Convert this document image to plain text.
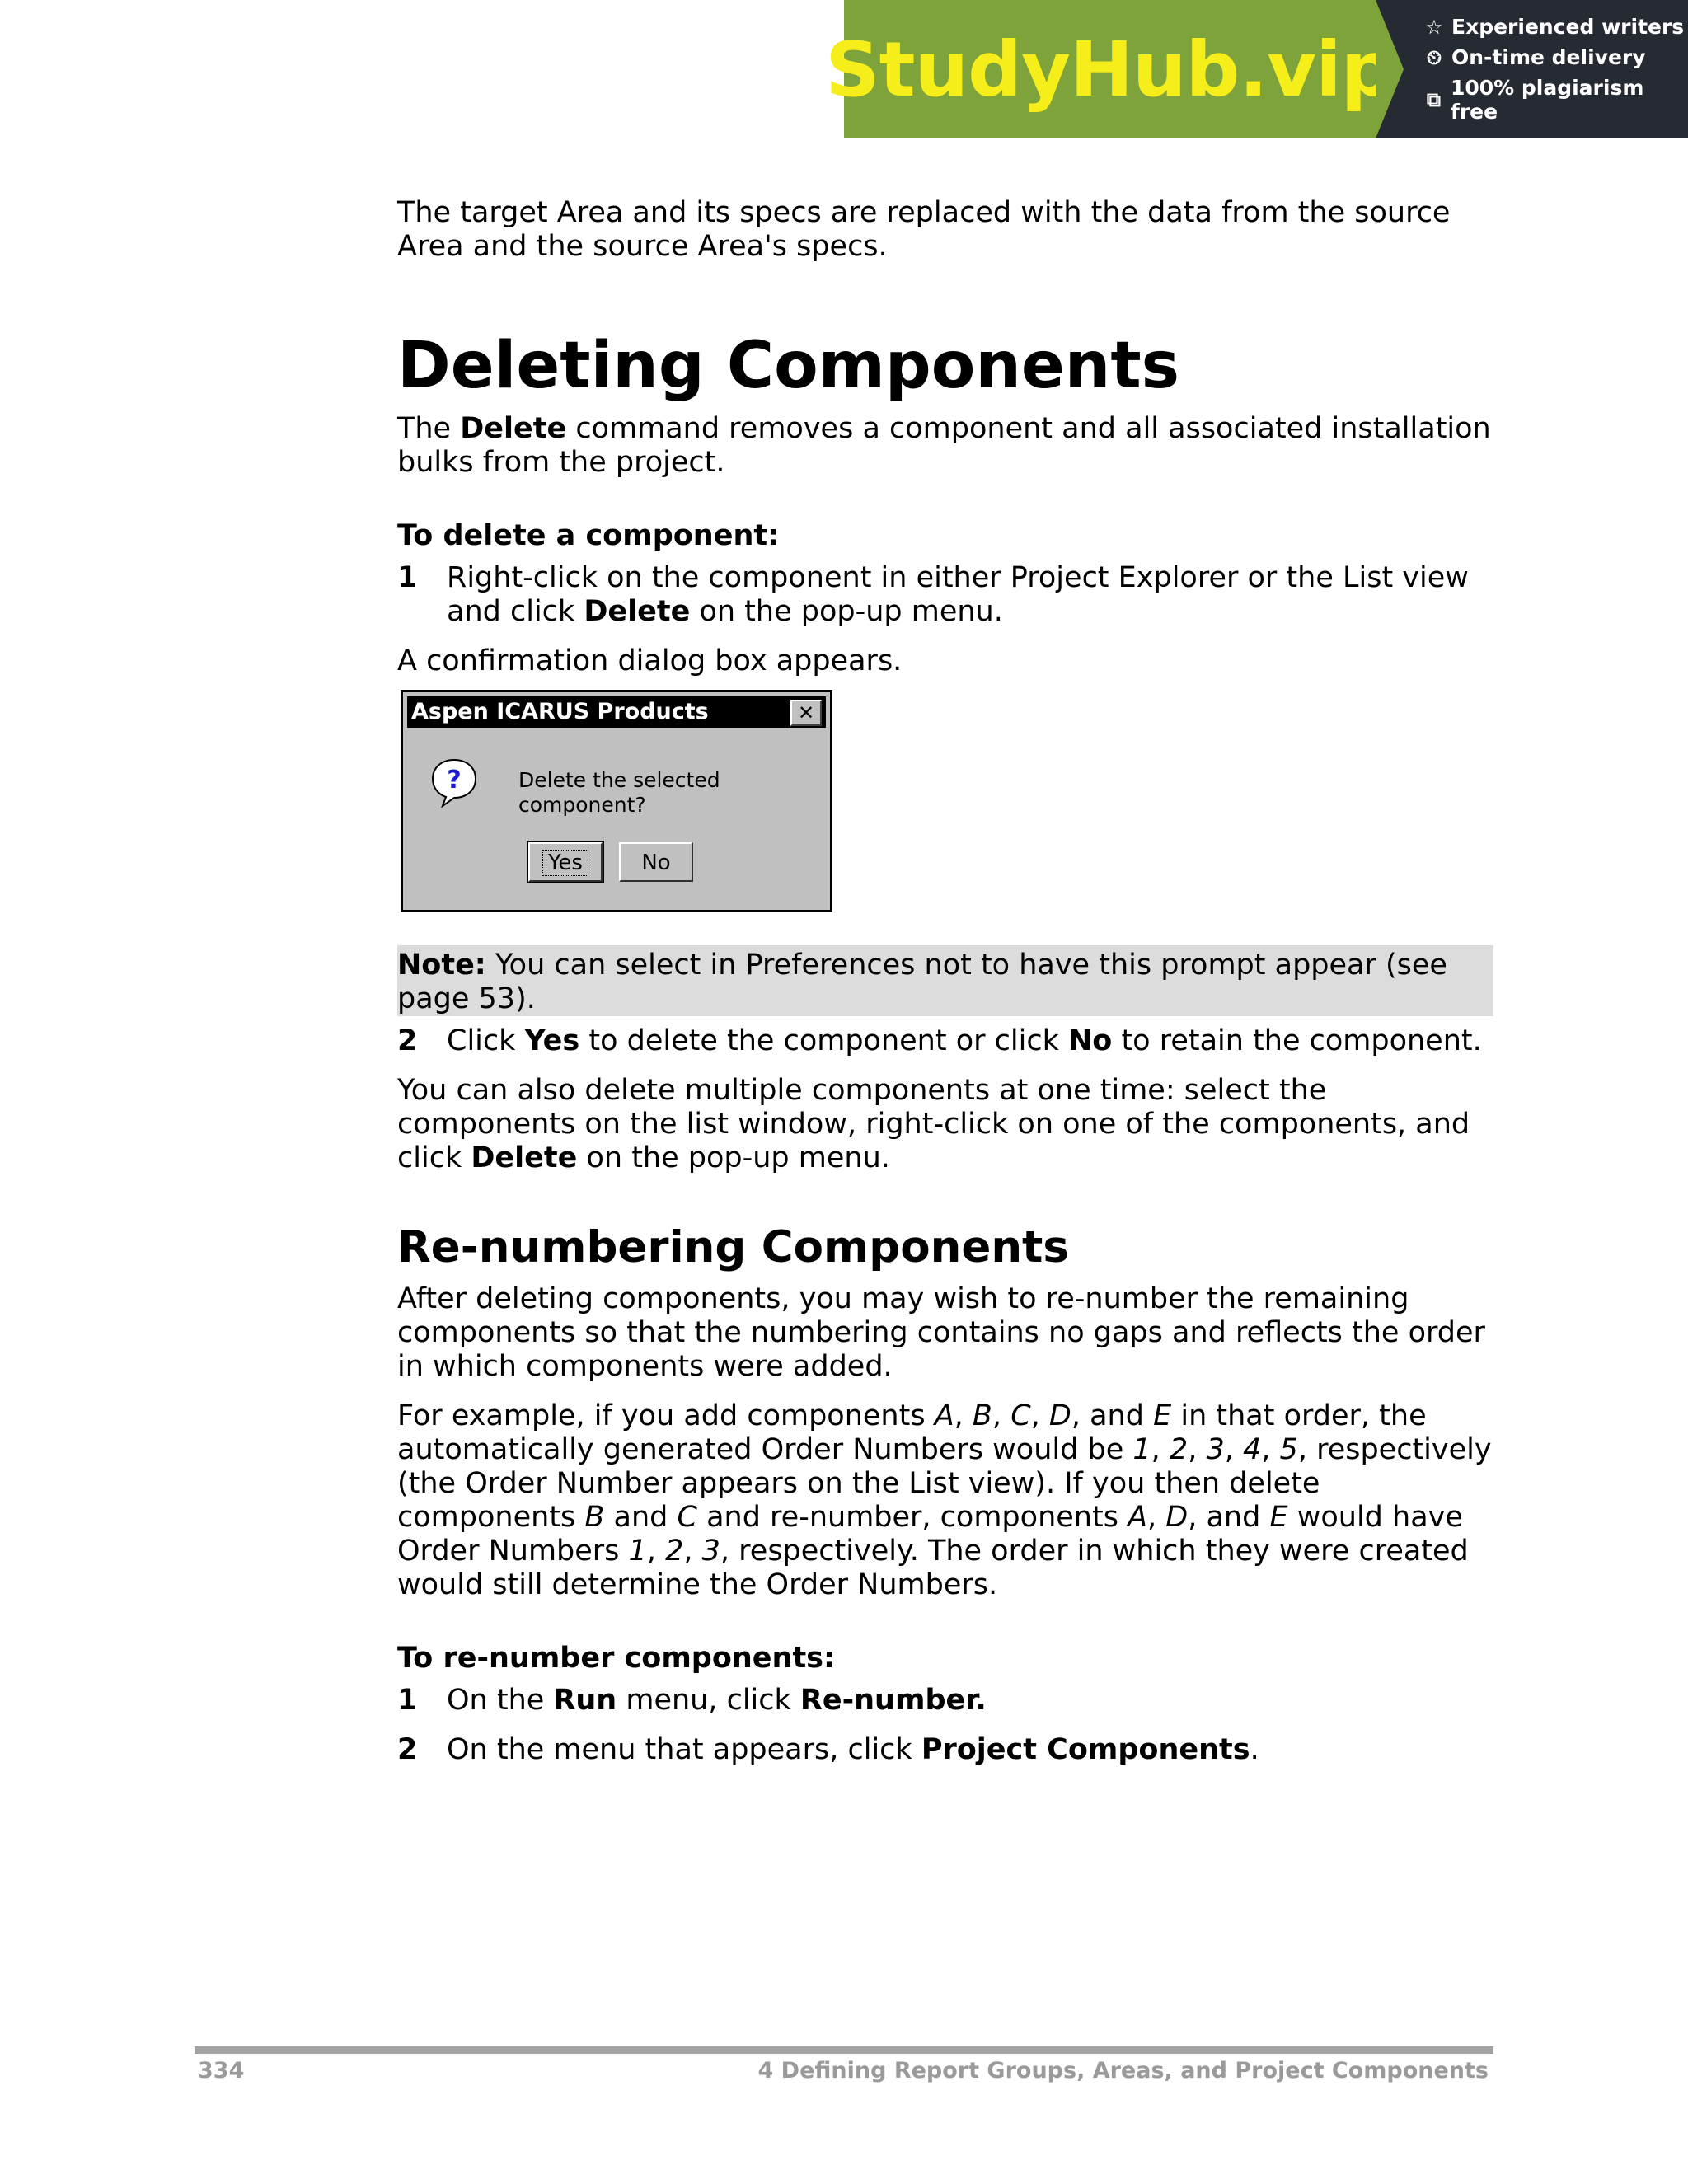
StudyHub.vip ☆ Experienced writers
⏲ On-time delivery
⧉ 100% plagiarism free

The target Area and its specs are replaced with the data from the source Area and the source Area's specs.

Deleting Components

The Delete command removes a component and all associated installation bulks from the project.

To delete a component:

1	Right-click on the component in either Project Explorer or the List view and click Delete on the pop-up menu.

A confirmation dialog box appears.

Aspen ICARUS Products	✕
?	Delete the selected component?
Yes	No

Note: You can select in Preferences not to have this prompt appear (see page 53).

2	Click Yes to delete the component or click No to retain the component.

You can also delete multiple components at one time: select the components on the list window, right-click on one of the components, and click Delete on the pop-up menu.

Re-numbering Components

After deleting components, you may wish to re-number the remaining components so that the numbering contains no gaps and reflects the order in which components were added.

For example, if you add components A, B, C, D, and E in that order, the automatically generated Order Numbers would be 1, 2, 3, 4, 5, respectively (the Order Number appears on the List view). If you then delete components B and C and re-number, components A, D, and E would have Order Numbers 1, 2, 3, respectively. The order in which they were created would still determine the Order Numbers.

To re-number components:

1	On the Run menu, click Re-number.
2	On the menu that appears, click Project Components.
334	4 Defining Report Groups, Areas, and Project Components
